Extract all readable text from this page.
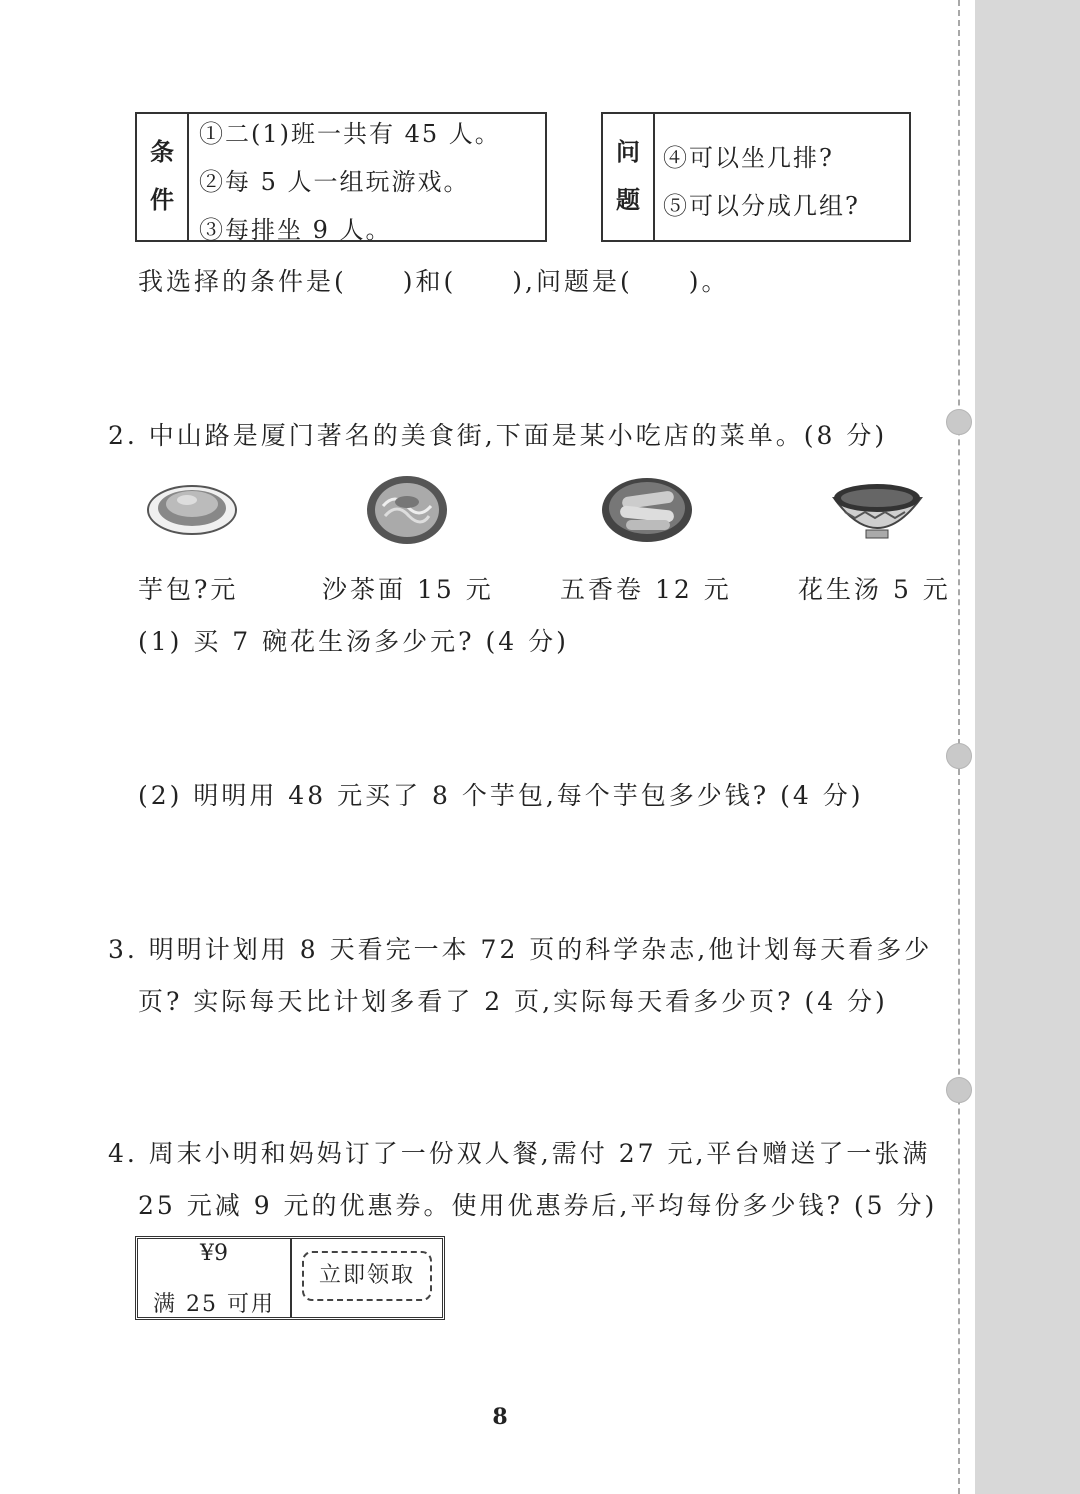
条件
①二(1)班一共有 45 人。
②每 5 人一组玩游戏。
③每排坐 9 人。
问题
④可以坐几排?
⑤可以分成几组?
我选择的条件是(　　)和(　　),问题是(　　)。
2. 中山路是厦门著名的美食街,下面是某小吃店的菜单。(8 分)
芋包?元	沙茶面 15 元	五香卷 12 元	花生汤 5 元
(1) 买 7 碗花生汤多少元? (4 分)
(2) 明明用 48 元买了 8 个芋包,每个芋包多少钱? (4 分)
3. 明明计划用 8 天看完一本 72 页的科学杂志,他计划每天看多少
页? 实际每天比计划多看了 2 页,实际每天看多少页? (4 分)
4. 周末小明和妈妈订了一份双人餐,需付 27 元,平台赠送了一张满
25 元减 9 元的优惠券。使用优惠券后,平均每份多少钱? (5 分)
¥9
满 25 可用
立即领取
8
